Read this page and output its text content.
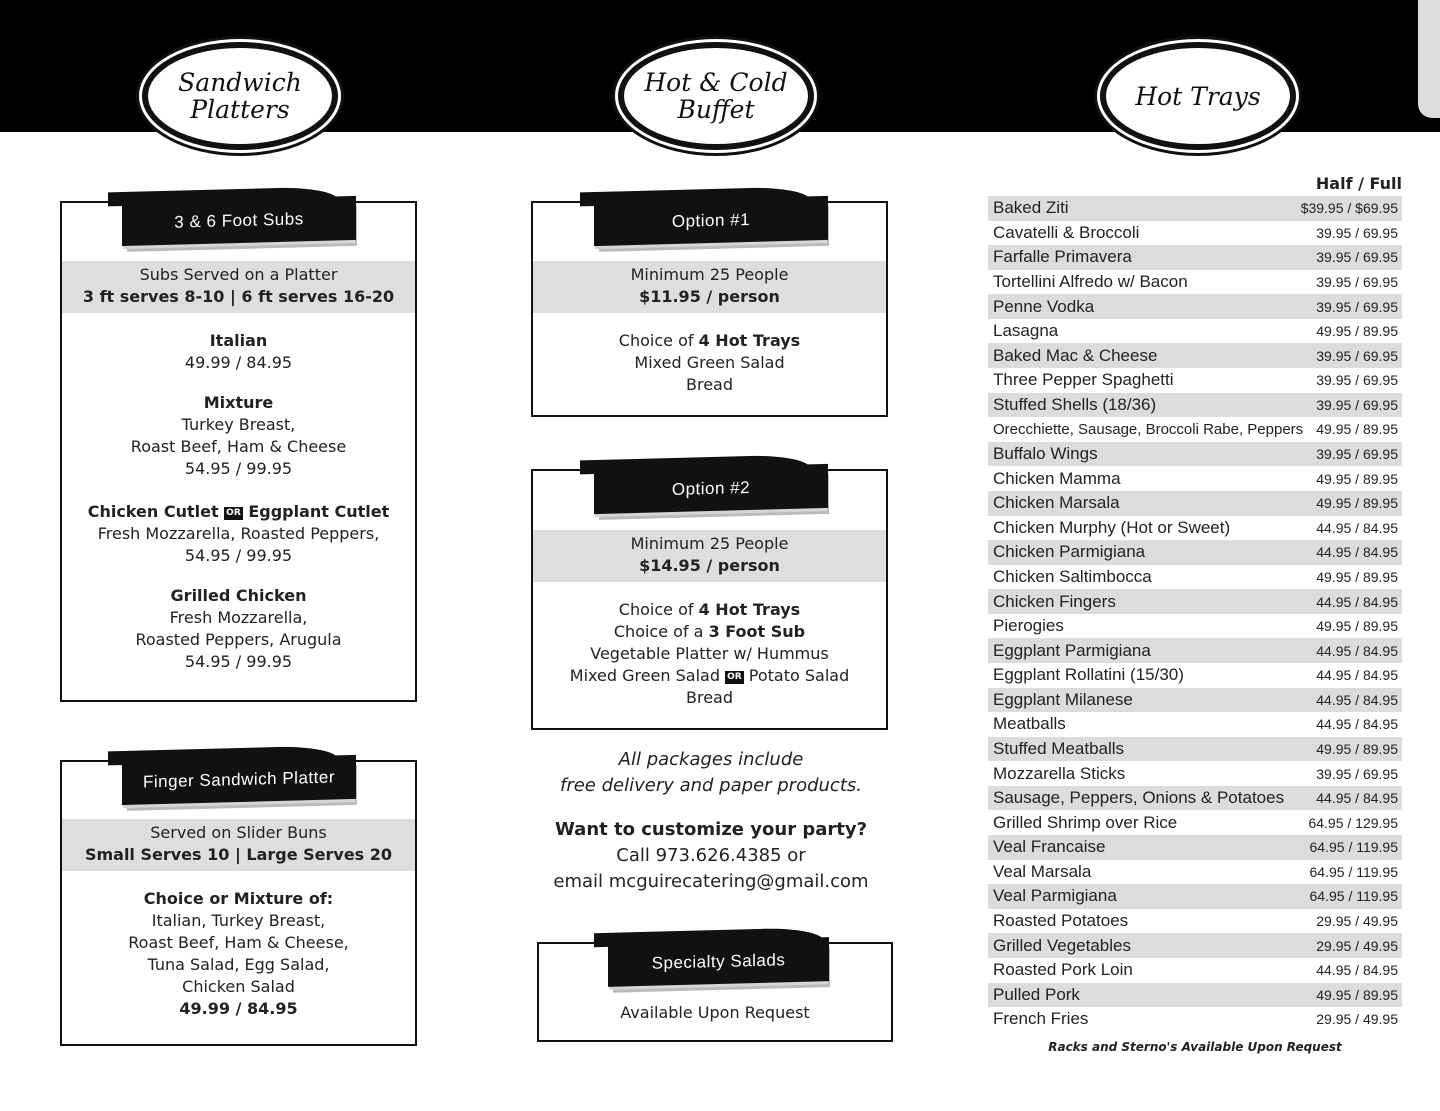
Sandwich
Platters
Hot & Cold
Buffet	Hot Trays
Subs Served on a Platter
3 ft serves 8-10 | 6 ft serves 16-20
Italian
49.99 / 84.95
Mixture
Turkey Breast,
Roast Beef, Ham & Cheese
54.95 / 99.95
Chicken Cutlet OR Eggplant Cutlet
Fresh Mozzarella, Roasted Peppers,
54.95 / 99.95
Grilled Chicken
Fresh Mozzarella,
Roasted Peppers, Arugula
54.95 / 99.95
3 & 6 Foot Subs
Served on Slider Buns
Small Serves 10 | Large Serves 20
Choice or Mixture of:
Italian, Turkey Breast,
Roast Beef, Ham & Cheese,
Tuna Salad, Egg Salad,
Chicken Salad
49.99 / 84.95
Finger Sandwich Platter
Minimum 25 People
$11.95 / person
Choice of 4 Hot Trays
Mixed Green Salad
Bread
Option #1
Minimum 25 People
$14.95 / person
Choice of 4 Hot Trays
Choice of a 3 Foot Sub
Vegetable Platter w/ Hummus
Mixed Green Salad OR Potato Salad
Bread
Option #2
All packages include
free delivery and paper products.
Want to customize your party?
Call 973.626.4385 or
email mcguirecatering@gmail.com
Available Upon Request
Specialty Salads
Half / Full
Baked Ziti	$39.95 / $69.95
Cavatelli & Broccoli	39.95 / 69.95
Farfalle Primavera	39.95 / 69.95
Tortellini Alfredo w/ Bacon	39.95 / 69.95
Penne Vodka	39.95 / 69.95
Lasagna	49.95 / 89.95
Baked Mac & Cheese	39.95 / 69.95
Three Pepper Spaghetti	39.95 / 69.95
Stuffed Shells (18/36)	39.95 / 69.95
Orecchiette, Sausage, Broccoli Rabe, Peppers 49.95 / 89.95
Buffalo Wings	39.95 / 69.95
Chicken Mamma	49.95 / 89.95
Chicken Marsala	49.95 / 89.95
Chicken Murphy (Hot or Sweet)	44.95 / 84.95
Chicken Parmigiana	44.95 / 84.95
Chicken Saltimbocca	49.95 / 89.95
Chicken Fingers	44.95 / 84.95
Pierogies	49.95 / 89.95
Eggplant Parmigiana	44.95 / 84.95
Eggplant Rollatini (15/30)	44.95 / 84.95
Eggplant Milanese	44.95 / 84.95
Meatballs	44.95 / 84.95
Stuffed Meatballs	49.95 / 89.95
Mozzarella Sticks	39.95 / 69.95
Sausage, Peppers, Onions & Potatoes 44.95 / 84.95
Grilled Shrimp over Rice	64.95 / 129.95
Veal Francaise	64.95 / 119.95
Veal Marsala	64.95 / 119.95
Veal Parmigiana	64.95 / 119.95
Roasted Potatoes	29.95 / 49.95
Grilled Vegetables	29.95 / 49.95
Roasted Pork Loin	44.95 / 84.95
Pulled Pork	49.95 / 89.95
French Fries	29.95 / 49.95
Racks and Sterno's Available Upon Request
